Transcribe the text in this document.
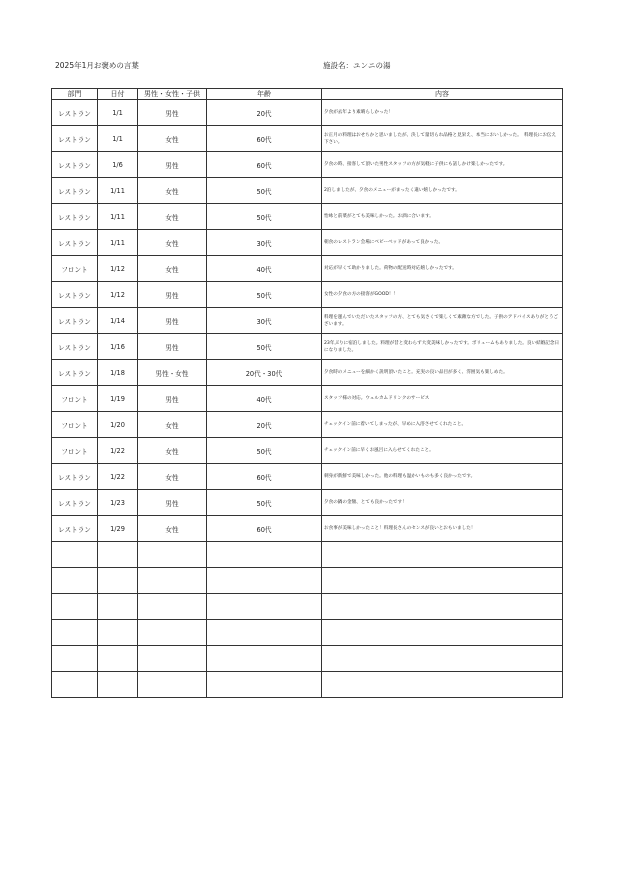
2025年1月お褒めの言葉	施設名：ユンニの湯
部門	日付	男性・女性・子供	年齢	内容
レストラン	1/1	男性	20代	夕食が去年より素晴らしかった！
レストラン	1/1	女性	60代	お正月の料理はおせちかと思いましたが、決して量切られ品格と見栄え、本当においしかった。　料理長にお伝え下さい。
レストラン	1/6	男性	60代	夕食の時、接客して頂いた男性スタッフの方が気軽に子供にも話しかけ楽しかったです。
レストラン	1/11	女性	50代	2泊しましたが、夕食のメニューがまったく違い嬉しかったです。
レストラン	1/11	女性	50代	怡咏と前菜がとても美味しかった。お酒に合います。
レストラン	1/11	女性	30代	朝食のレストラン会場にベビーベッドがあって良かった。
フロント	1/12	女性	40代	対応が早くて助かりました。荷物の配送時対応嬉しかったです。
レストラン	1/12	男性	50代	女性の夕食の方の接客がGOOD！！
レストラン	1/14	男性	30代	料理を運んでいただいたスタッフの方、とても気さくで楽しくて素敵な方でした。子供のアドバイスありがとうございます。
レストラン	1/16	男性	50代	23年ぶりに宿泊しました。料理が昔と変わらず大変美味しかったです。ボリュームもありました。良い結婚記念日になりました。
レストラン	1/18	男性・女性	20代・30代	夕食時のメニューを細かく説明頂いたこと。充実の良い品目が多く、雰囲気も楽しめた。
フロント	1/19	男性	40代	スタッフ様の対応。ウェルカムドリンクのサービス
フロント	1/20	女性	20代	チェックイン前に着いてしまったが、早めに入浴させてくれたこと。
フロント	1/22	女性	50代	チェックイン前に早くお風呂に入らせてくれたこと。
レストラン	1/22	女性	60代	刺身が新鮮で美味しかった。他の料理も温かいものも多く良かったです。
レストラン	1/23	男性	50代	夕食の鍋の金額、とても良かったです！
レストラン	1/29	女性	60代	お食事が美味しかったこと！料理長さんのセンスが良いとおもいました！
